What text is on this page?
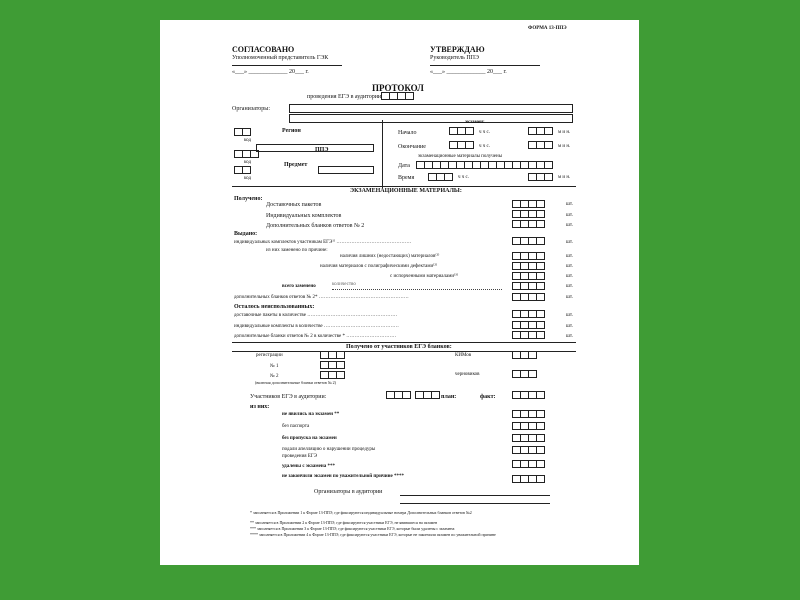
ФОРМА 13-ППЭ
СОГЛАСОВАНО
Уполномоченный представитель ГЭК
«___» _____________ 20___ г.
УТВЕРЖДАЮ
Руководитель ППЭ
«___» _____________ 20___ г.
ПРОТОКОЛ
проведения ЕГЭ в аудитории
Организаторы:
код
Регион
ППЭ
код	Предмет
код
экзамен:
Начало	ч ч с.	м и н.
Окончание	ч ч с.	м и н.
экзаменационные материалы получены
Дата
Время	ч ч с.	м и н.
ЭКЗАМЕНАЦИОННЫЕ МАТЕРИАЛЫ:
Получено:
Доставочных пакетов	шт.
Индивидуальных комплектов	шт.
Дополнительных бланков ответов № 2	шт.
Выдано:
индивидуальных комплектов участникам ЕГЭ¹⁾ ………………………………………	шт.
из них заменено по причине:
наличия лишних (недостающих) материалов⁽¹⁾	шт.
наличия материалов с полиграфическими дефектами⁽²⁾	шт.
с испорченными материалами⁽³⁾	шт.
всего заменено	количество	шт.
дополнительных бланков ответов № 2* ………………………………………………	шт.
Осталось неиспользованных:
доставочные пакеты в количестве ………………………………………………	шт.
индивидуальные комплекты в количестве ………………………………………	шт.
дополнительные бланки ответов № 2 в количестве * …………………………	шт.
Получено от участников ЕГЭ бланков:
регистрации
№ 1
№ 2
(включая дополнительные бланки ответов № 2)
КИМов
черновиков
Участников ЕГЭ в аудитории:	план:	факт:
из них:
не явились на экзамен **
без паспорта
без пропуска на экзамен
подали апелляцию о нарушении процедуры проведения ЕГЭ
удалены с экзамена ***
не закончили экзамен по уважительной причине ****
Организаторы в аудитории
* заполняется в Приложении 1 к Форме 13-ППЭ, где фиксируются индивидуальные номера Дополнительных бланков ответов №2
** заполняется в Приложении 2 к Форме 13-ППЭ, где фиксируются участники ЕГЭ, не явившиеся на экзамен
*** заполняется в Приложении 3 к Форме 13-ППЭ, где фиксируются участники ЕГЭ, которые были удалены с экзамена
**** заполняется в Приложении 4 к Форме 13-ППЭ, где фиксируются участники ЕГЭ, которые не закончили экзамен по уважительной причине
